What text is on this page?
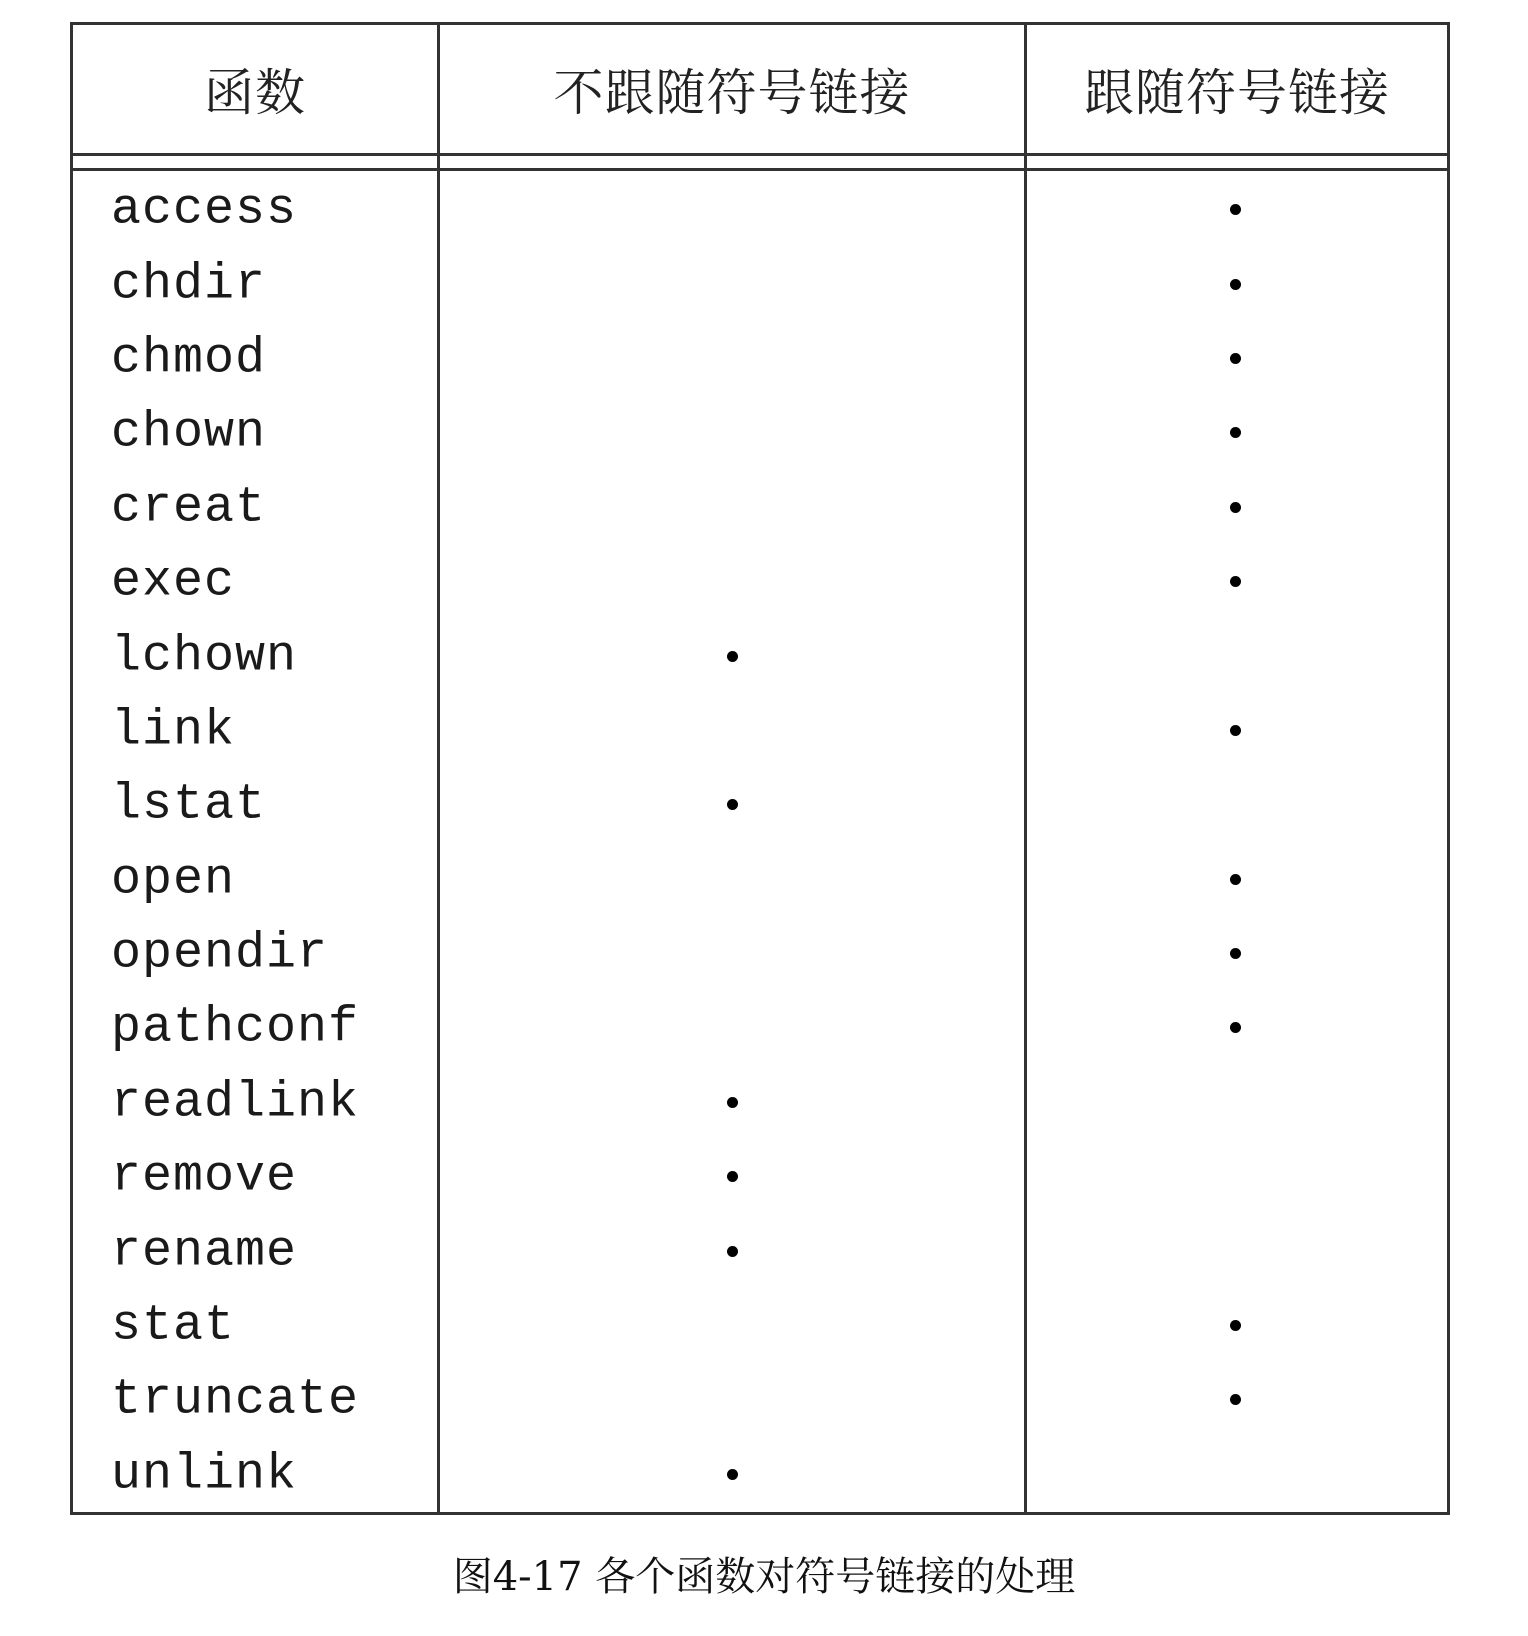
函数	不跟随符号链接	跟随符号链接
access
chdir
chmod
chown
creat
exec
lchown
link
lstat
open
opendir
pathconf
readlink
remove
rename
stat
truncate
unlink
图4-17 各个函数对符号链接的处理
